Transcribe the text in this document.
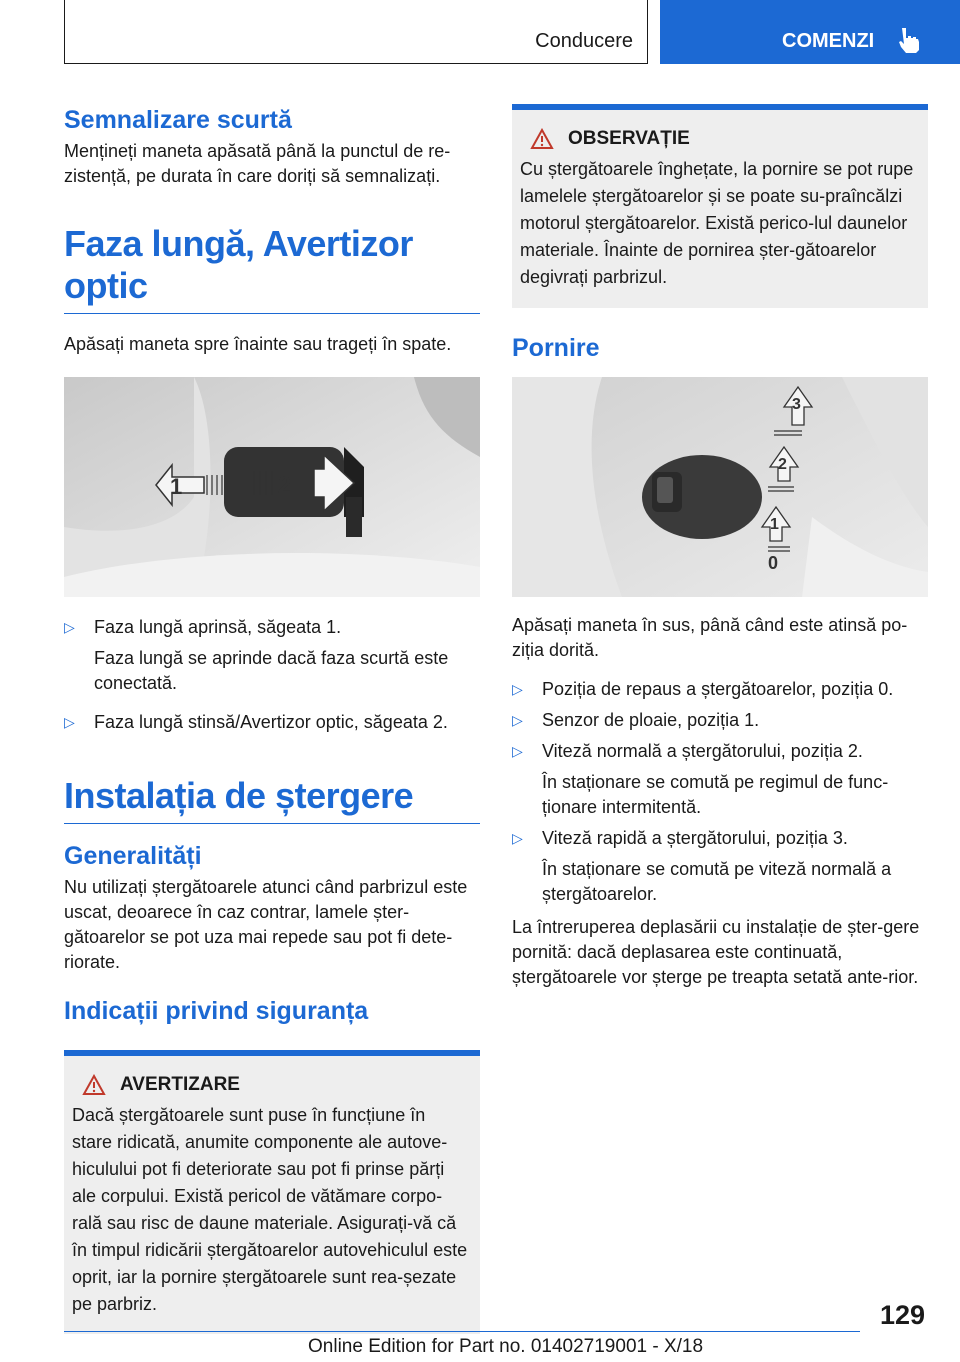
Conducere	COMENZI
Semnalizare scurtă

Mențineți maneta apăsată până la punctul de re-zistență, pe durata în care doriți să semnalizați.

Faza lungă, Avertizor optic

Apăsați maneta spre înainte sau trageți în spate.

1	2
▷ Faza lungă aprinsă, săgeata 1.
Faza lungă se aprinde dacă faza scurtă este conectată.
▷ Faza lungă stinsă/Avertizor optic, săgeata 2.
Instalația de ștergere
Generalități

Nu utilizați ștergătoarele atunci când parbrizul este uscat, deoarece în caz contrar, lamele șter-gătoarelor se pot uza mai repede sau pot fi dete-riorate.

Indicații privind siguranța
AVERTIZARE

Dacă ștergătoarele sunt puse în funcțiune în stare ridicată, anumite componente ale autove-hiculului pot fi deteriorate sau pot fi prinse părți ale corpului. Există pericol de vătămare corpo-rală sau risc de daune materiale. Asigurați-vă că în timpul ridicării ștergătoarelor autovehiculul este oprit, iar la pornire ștergătoarele sunt rea-șezate pe parbriz.

OBSERVAȚIE

Cu ștergătoarele înghețate, la pornire se pot rupe lamelele ștergătoarelor și se poate su-praîncălzi motorul ștergătoarelor. Există perico-lul daunelor materiale. Înainte de pornirea șter-gătoarelor degivrați parbrizul.

Pornire
3
2
1
0

Apăsați maneta în sus, până când este atinsă po-ziția dorită.

▷ Poziția de repaus a ștergătoarelor, poziția 0.
▷ Senzor de ploaie, poziția 1.
▷ Viteză normală a ștergătorului, poziția 2.
În staționare se comută pe regimul de func-ționare intermitentă.
▷ Viteză rapidă a ștergătorului, poziția 3.
În staționare se comută pe viteză normală a ștergătoarelor.

La întreruperea deplasării cu instalație de șter-gere pornită: dacă deplasarea este continuată, ștergătoarele vor șterge pe treapta setată ante-rior.

129
Online Edition for Part no. 01402719001 - X/18
